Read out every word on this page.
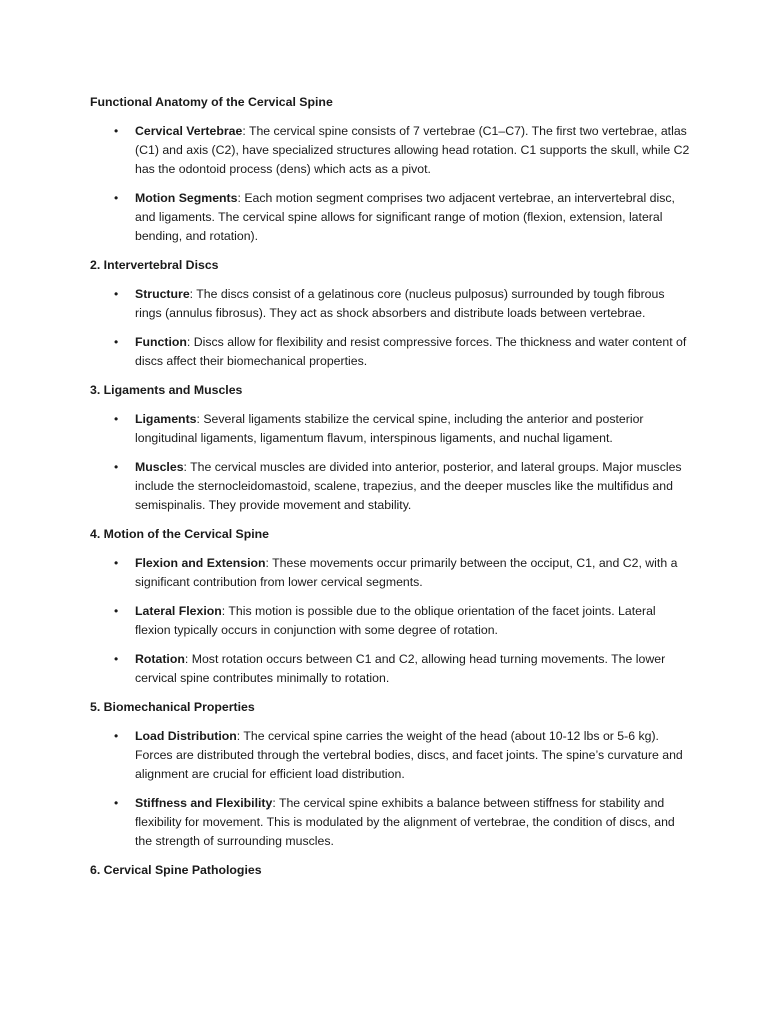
Functional Anatomy of the Cervical Spine

• Cervical Vertebrae: The cervical spine consists of 7 vertebrae (C1–C7). The first two vertebrae, atlas (C1) and axis (C2), have specialized structures allowing head rotation. C1 supports the skull, while C2 has the odontoid process (dens) which acts as a pivot.
• Motion Segments: Each motion segment comprises two adjacent vertebrae, an intervertebral disc, and ligaments. The cervical spine allows for significant range of motion (flexion, extension, lateral bending, and rotation).

2. Intervertebral Discs

• Structure: The discs consist of a gelatinous core (nucleus pulposus) surrounded by tough fibrous rings (annulus fibrosus). They act as shock absorbers and distribute loads between vertebrae.
• Function: Discs allow for flexibility and resist compressive forces. The thickness and water content of discs affect their biomechanical properties.

3. Ligaments and Muscles

• Ligaments: Several ligaments stabilize the cervical spine, including the anterior and posterior longitudinal ligaments, ligamentum flavum, interspinous ligaments, and nuchal ligament.
• Muscles: The cervical muscles are divided into anterior, posterior, and lateral groups. Major muscles include the sternocleidomastoid, scalene, trapezius, and the deeper muscles like the multifidus and semispinalis. They provide movement and stability.

4. Motion of the Cervical Spine

• Flexion and Extension: These movements occur primarily between the occiput, C1, and C2, with a significant contribution from lower cervical segments.
• Lateral Flexion: This motion is possible due to the oblique orientation of the facet joints. Lateral flexion typically occurs in conjunction with some degree of rotation.
• Rotation: Most rotation occurs between C1 and C2, allowing head turning movements. The lower cervical spine contributes minimally to rotation.

5. Biomechanical Properties

• Load Distribution: The cervical spine carries the weight of the head (about 10-12 lbs or 5-6 kg). Forces are distributed through the vertebral bodies, discs, and facet joints. The spine’s curvature and alignment are crucial for efficient load distribution.
• Stiffness and Flexibility: The cervical spine exhibits a balance between stiffness for stability and flexibility for movement. This is modulated by the alignment of vertebrae, the condition of discs, and the strength of surrounding muscles.

6. Cervical Spine Pathologies
